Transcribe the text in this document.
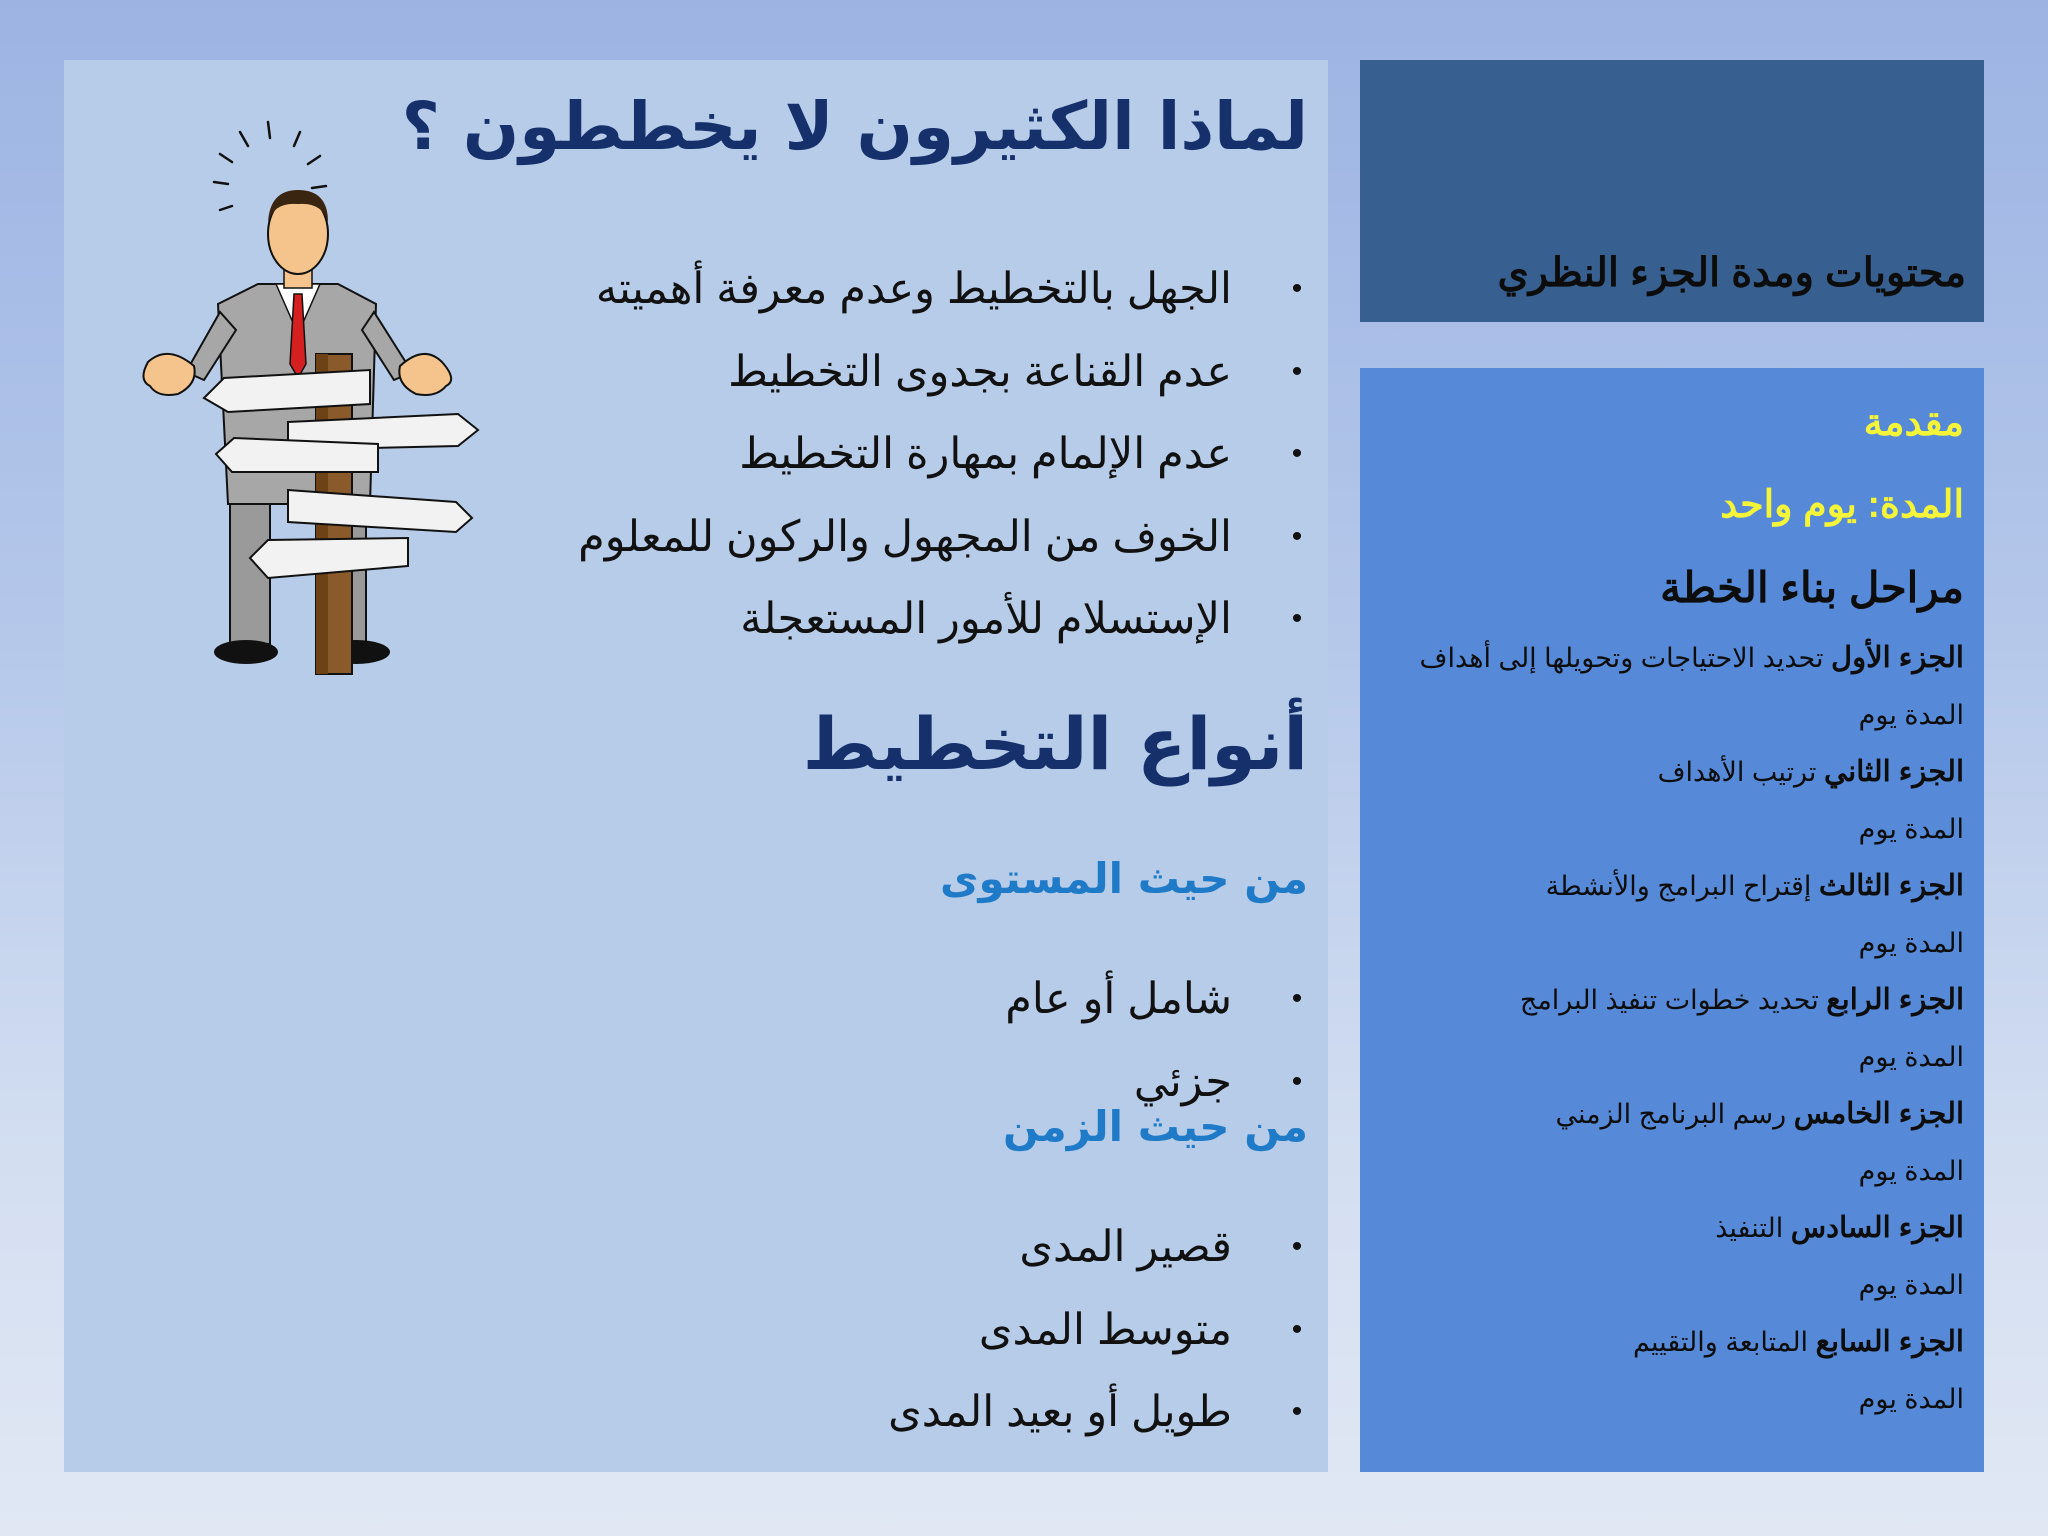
لماذا الكثيرون لا يخططون ؟
•
الجهل بالتخطيط وعدم معرفة أهميته
•
عدم القناعة بجدوى التخطيط
•
عدم الإلمام بمهارة التخطيط
•
الخوف من المجهول والركون للمعلوم
•
الإستسلام للأمور المستعجلة
أنواع التخطيط
من حيث المستوى
•
شامل أو عام
•
جزئي
من حيث الزمن
•
قصير المدى
•
متوسط المدى
•
طويل أو بعيد المدى
محتويات ومدة الجزء النظري
مقدمة
المدة: يوم واحد
مراحل بناء الخطة
الجزء الأول تحديد الاحتياجات وتحويلها إلى أهداف
المدة يوم
الجزء الثاني ترتيب الأهداف
المدة يوم
الجزء الثالث إقتراح البرامج والأنشطة
المدة يوم
الجزء الرابع تحديد خطوات تنفيذ البرامج
المدة يوم
الجزء الخامس رسم البرنامج الزمني
المدة يوم
الجزء السادس التنفيذ
المدة يوم
الجزء السابع المتابعة والتقييم
المدة يوم
